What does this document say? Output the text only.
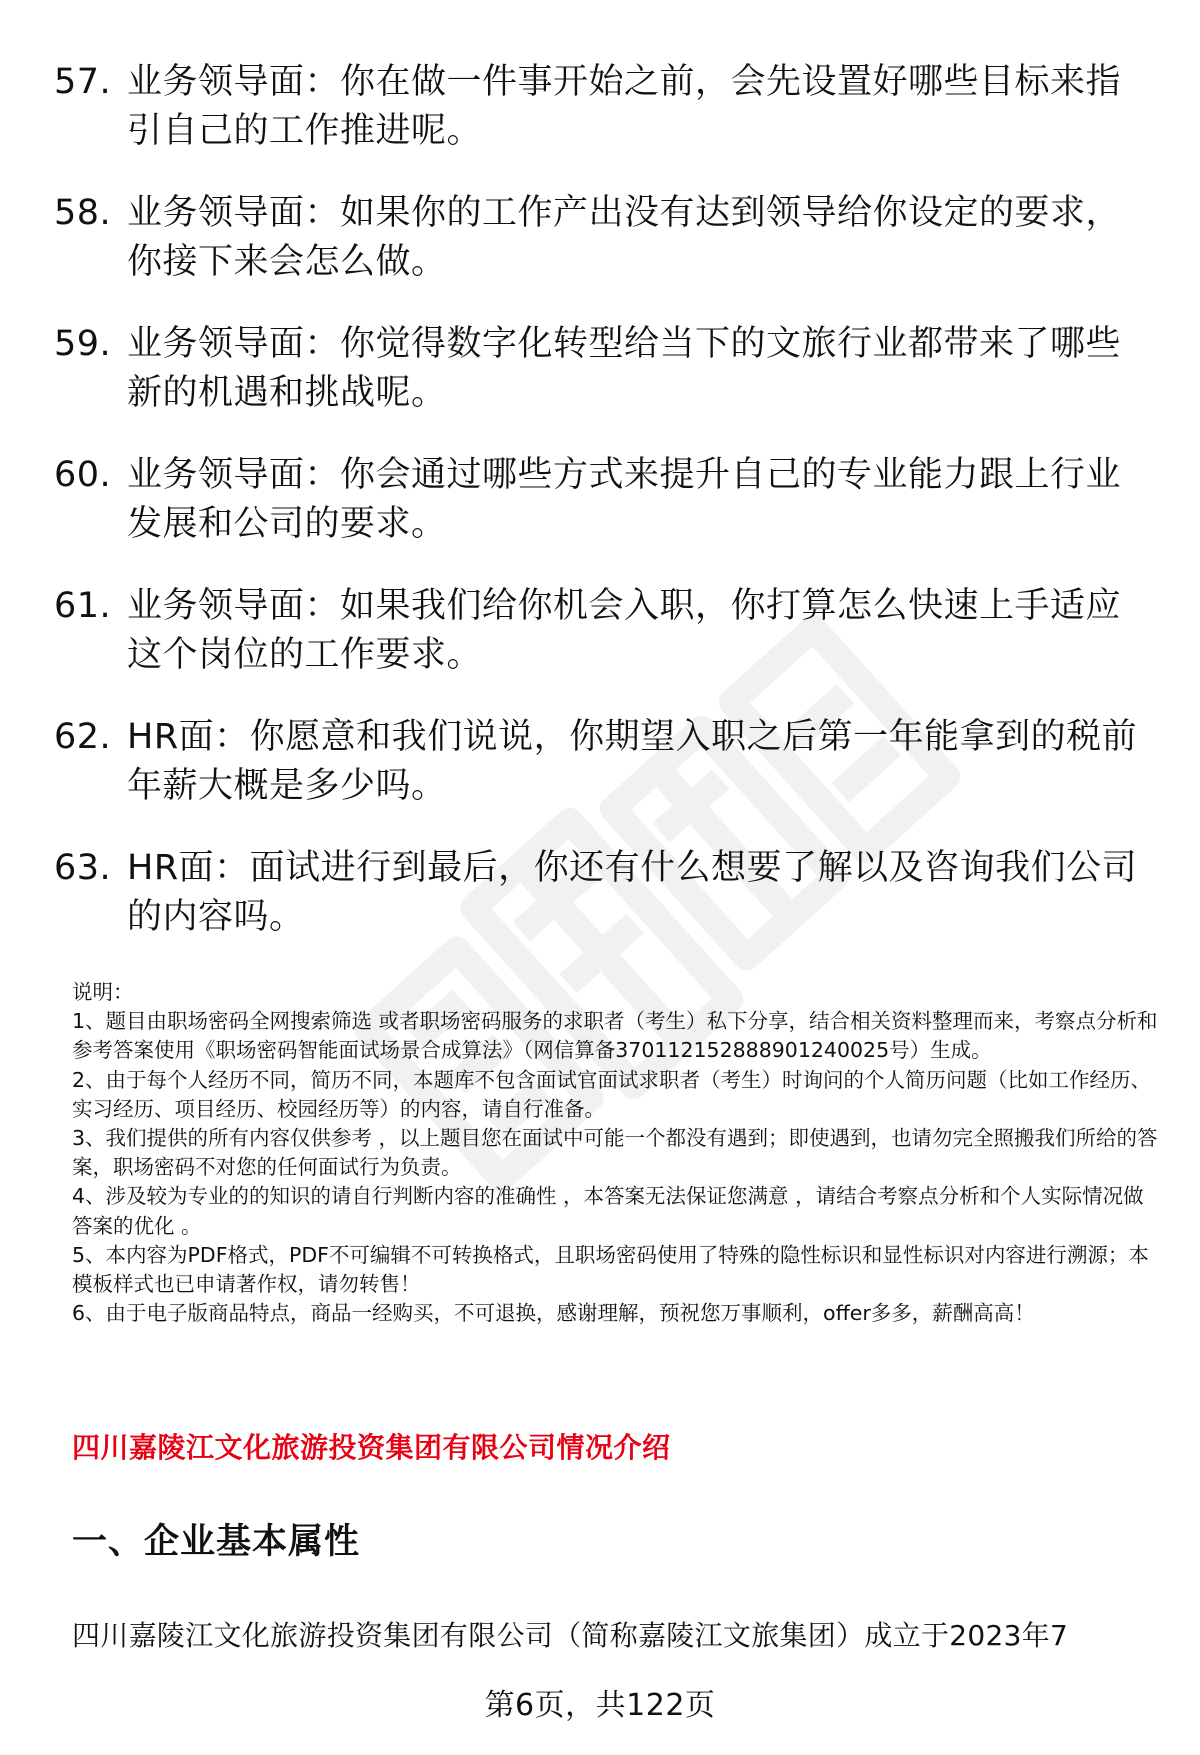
57. 业务领导面：你在做一件事开始之前，会先设置好哪些目标来指引自己的工作推进呢。
58. 业务领导面：如果你的工作产出没有达到领导给你设定的要求，你接下来会怎么做。
59. 业务领导面：你觉得数字化转型给当下的文旅行业都带来了哪些新的机遇和挑战呢。
60. 业务领导面：你会通过哪些方式来提升自己的专业能力跟上行业发展和公司的要求。
61. 业务领导面：如果我们给你机会入职，你打算怎么快速上手适应这个岗位的工作要求。
62. HR面：你愿意和我们说说，你期望入职之后第一年能拿到的税前年薪大概是多少吗。
63. HR面：面试进行到最后，你还有什么想要了解以及咨询我们公司的内容吗。

说明：

1、题目由职场密码全网搜索筛选 或者职场密码服务的求职者（考生）私下分享，结合相关资料整理而来，考察点分析和参考答案使用《职场密码智能面试场景合成算法》（网信算备370112152888901240025号）生成。

2、由于每个人经历不同，简历不同，本题库不包含面试官面试求职者（考生）时询问的个人简历问题（比如工作经历、实习经历、项目经历、校园经历等）的内容，请自行准备。

3、我们提供的所有内容仅供参考 ，以上题目您在面试中可能一个都没有遇到；即使遇到，也请勿完全照搬我们所给的答案，职场密码不对您的任何面试行为负责。

4、涉及较为专业的的知识的请自行判断内容的准确性 ，本答案无法保证您满意 ，请结合考察点分析和个人实际情况做答案的优化 。

5、本内容为PDF格式，PDF不可编辑不可转换格式，且职场密码使用了特殊的隐性标识和显性标识对内容进行溯源；本模板样式也已申请著作权，请勿转售！

6、由于电子版商品特点，商品一经购买，不可退换，感谢理解，预祝您万事顺利，offer多多，薪酬高高！

四川嘉陵江文化旅游投资集团有限公司情况介绍
一、企业基本属性
四川嘉陵江文化旅游投资集团有限公司（简称嘉陵江文旅集团）成立于2023年7
第6页，共122页
